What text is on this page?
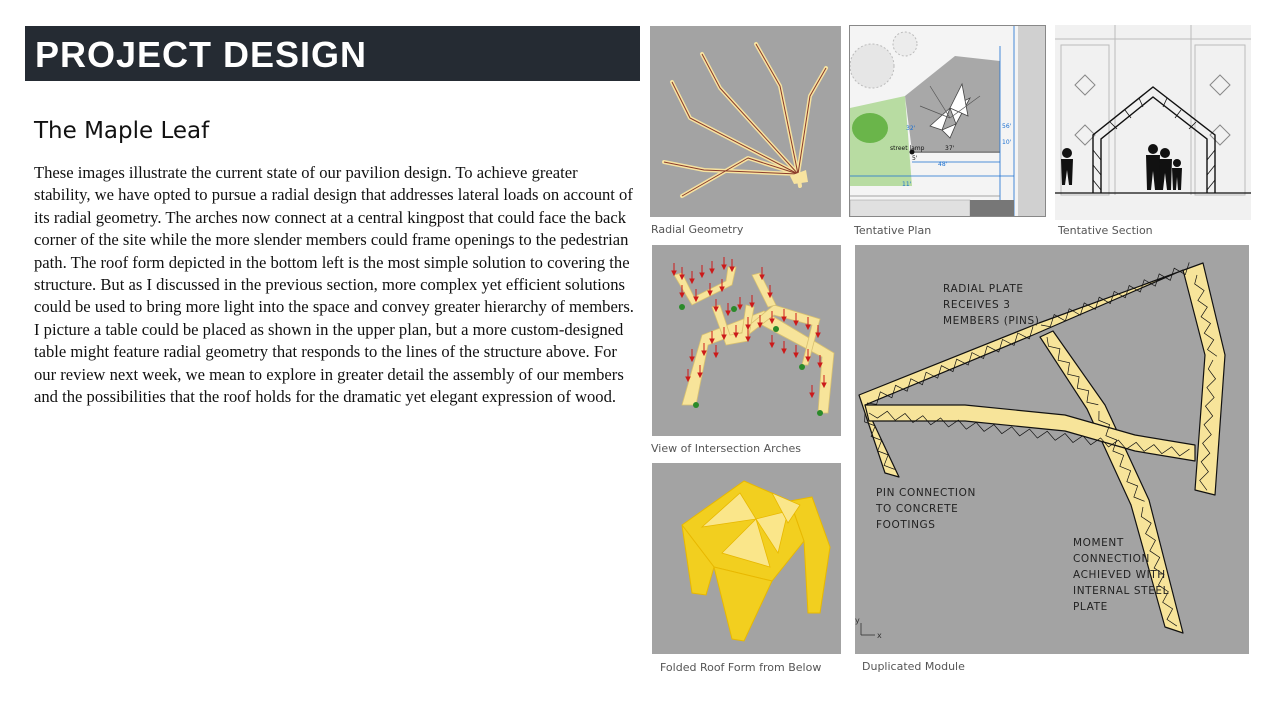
PROJECT DESIGN
The Maple Leaf
These images illustrate the current state of our pavilion design. To achieve greater stability, we have opted to pursue a radial design that addresses lateral loads on account of its radial geometry. The arches now connect at a central kingpost that could face the back corner of the site while the more slender members could frame openings to the pedestrian path. The roof form depicted in the bottom left is the most simple solution to covering the structure. But as I discussed in the previous section, more complex yet efficient solutions could be used to bring more light into the space and convey greater hierarchy of members. I picture a table could be placed as shown in the upper plan, but a more custom-designed table might feature radial geometry that responds to the lines of the structure above. For our review next week, we mean to explore in greater detail the assembly of our members and the possibilities that the roof holds for the dramatic yet elegant expression of wood.
Radial Geometry
street lamp	37'
48'
32'	56'
10'
11'
5'
Tentative Plan	Tentative Section
View of Intersection Arches
Folded Roof Form from Below
y
x
Duplicated Module
RADIAL PLATE
RECEIVES 3
MEMBERS (PINS)
PIN CONNECTION
TO CONCRETE
FOOTINGS
MOMENT
CONNECTION
ACHIEVED WITH
INTERNAL STEEL
PLATE
